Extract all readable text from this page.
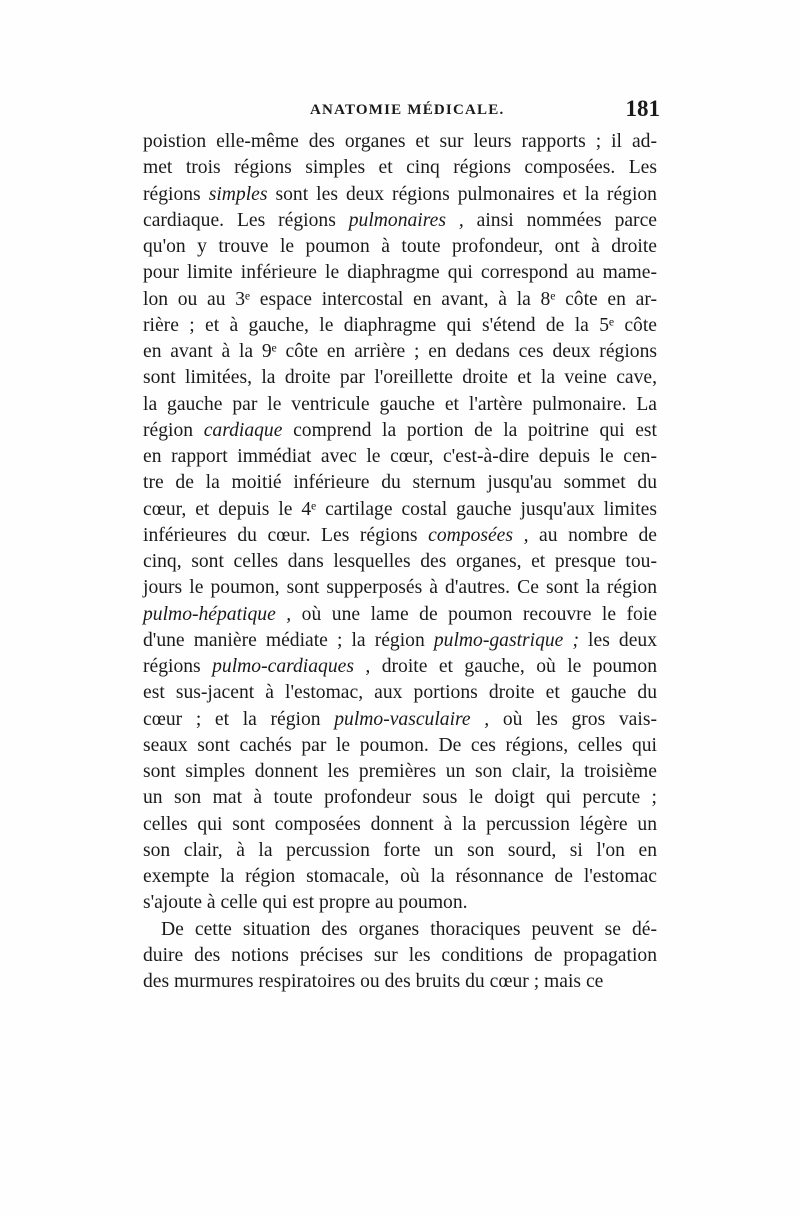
ANATOMIE MÉDICALE.	181
poistion elle-même des organes et sur leurs rapports ; il ad-
met trois régions simples et cinq régions composées. Les
régions simples sont les deux régions pulmonaires et la région
cardiaque. Les régions pulmonaires , ainsi nommées parce
qu'on y trouve le poumon à toute profondeur, ont à droite
pour limite inférieure le diaphragme qui correspond au mame-
lon ou au 3ᵉ espace intercostal en avant, à la 8ᵉ côte en ar-
rière ; et à gauche, le diaphragme qui s'étend de la 5ᵉ côte
en avant à la 9ᵉ côte en arrière ; en dedans ces deux régions
sont limitées, la droite par l'oreillette droite et la veine cave,
la gauche par le ventricule gauche et l'artère pulmonaire. La
région cardiaque comprend la portion de la poitrine qui est
en rapport immédiat avec le cœur, c'est-à-dire depuis le cen-
tre de la moitié inférieure du sternum jusqu'au sommet du
cœur, et depuis le 4ᵉ cartilage costal gauche jusqu'aux limites
inférieures du cœur. Les régions composées , au nombre de
cinq, sont celles dans lesquelles des organes, et presque tou-
jours le poumon, sont supperposés à d'autres. Ce sont la région
pulmo-hépatique , où une lame de poumon recouvre le foie
d'une manière médiate ; la région pulmo-gastrique ; les deux
régions pulmo-cardiaques , droite et gauche, où le poumon
est sus-jacent à l'estomac, aux portions droite et gauche du
cœur ; et la région pulmo-vasculaire , où les gros vais-
seaux sont cachés par le poumon. De ces régions, celles qui
sont simples donnent les premières un son clair, la troisième
un son mat à toute profondeur sous le doigt qui percute ;
celles qui sont composées donnent à la percussion légère un
son clair, à la percussion forte un son sourd, si l'on en
exempte la région stomacale, où la résonnance de l'estomac
s'ajoute à celle qui est propre au poumon.
De cette situation des organes thoraciques peuvent se dé-
duire des notions précises sur les conditions de propagation
des murmures respiratoires ou des bruits du cœur ; mais ce
